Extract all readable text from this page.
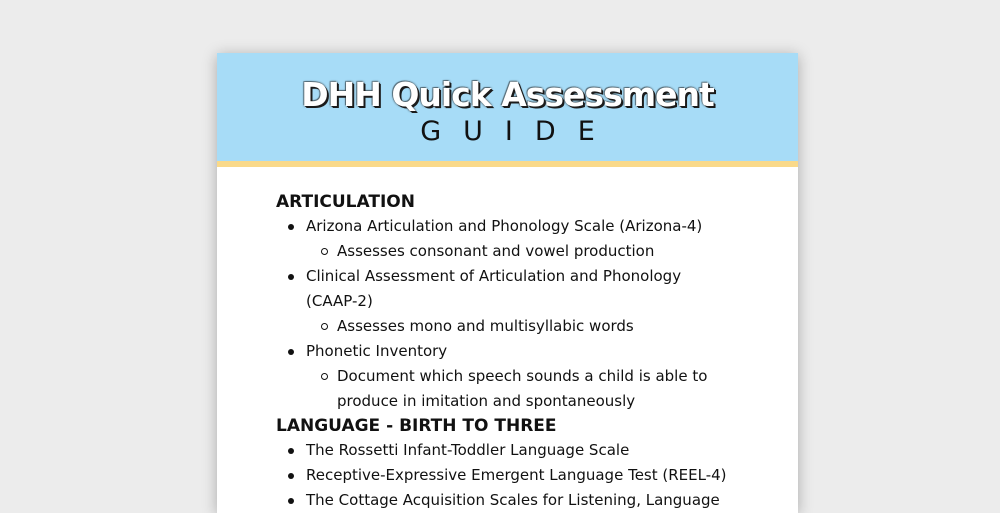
DHH Quick Assessment
GUIDE
ARTICULATION
Arizona Articulation and Phonology Scale (Arizona-4)
Assesses consonant and vowel production
Clinical Assessment of Articulation and Phonology
(CAAP-2)
Assesses mono and multisyllabic words
Phonetic Inventory
Document which speech sounds a child is able to
produce in imitation and spontaneously
LANGUAGE - BIRTH TO THREE
The Rossetti Infant-Toddler Language Scale
Receptive-Expressive Emergent Language Test (REEL-4)
The Cottage Acquisition Scales for Listening, Language
